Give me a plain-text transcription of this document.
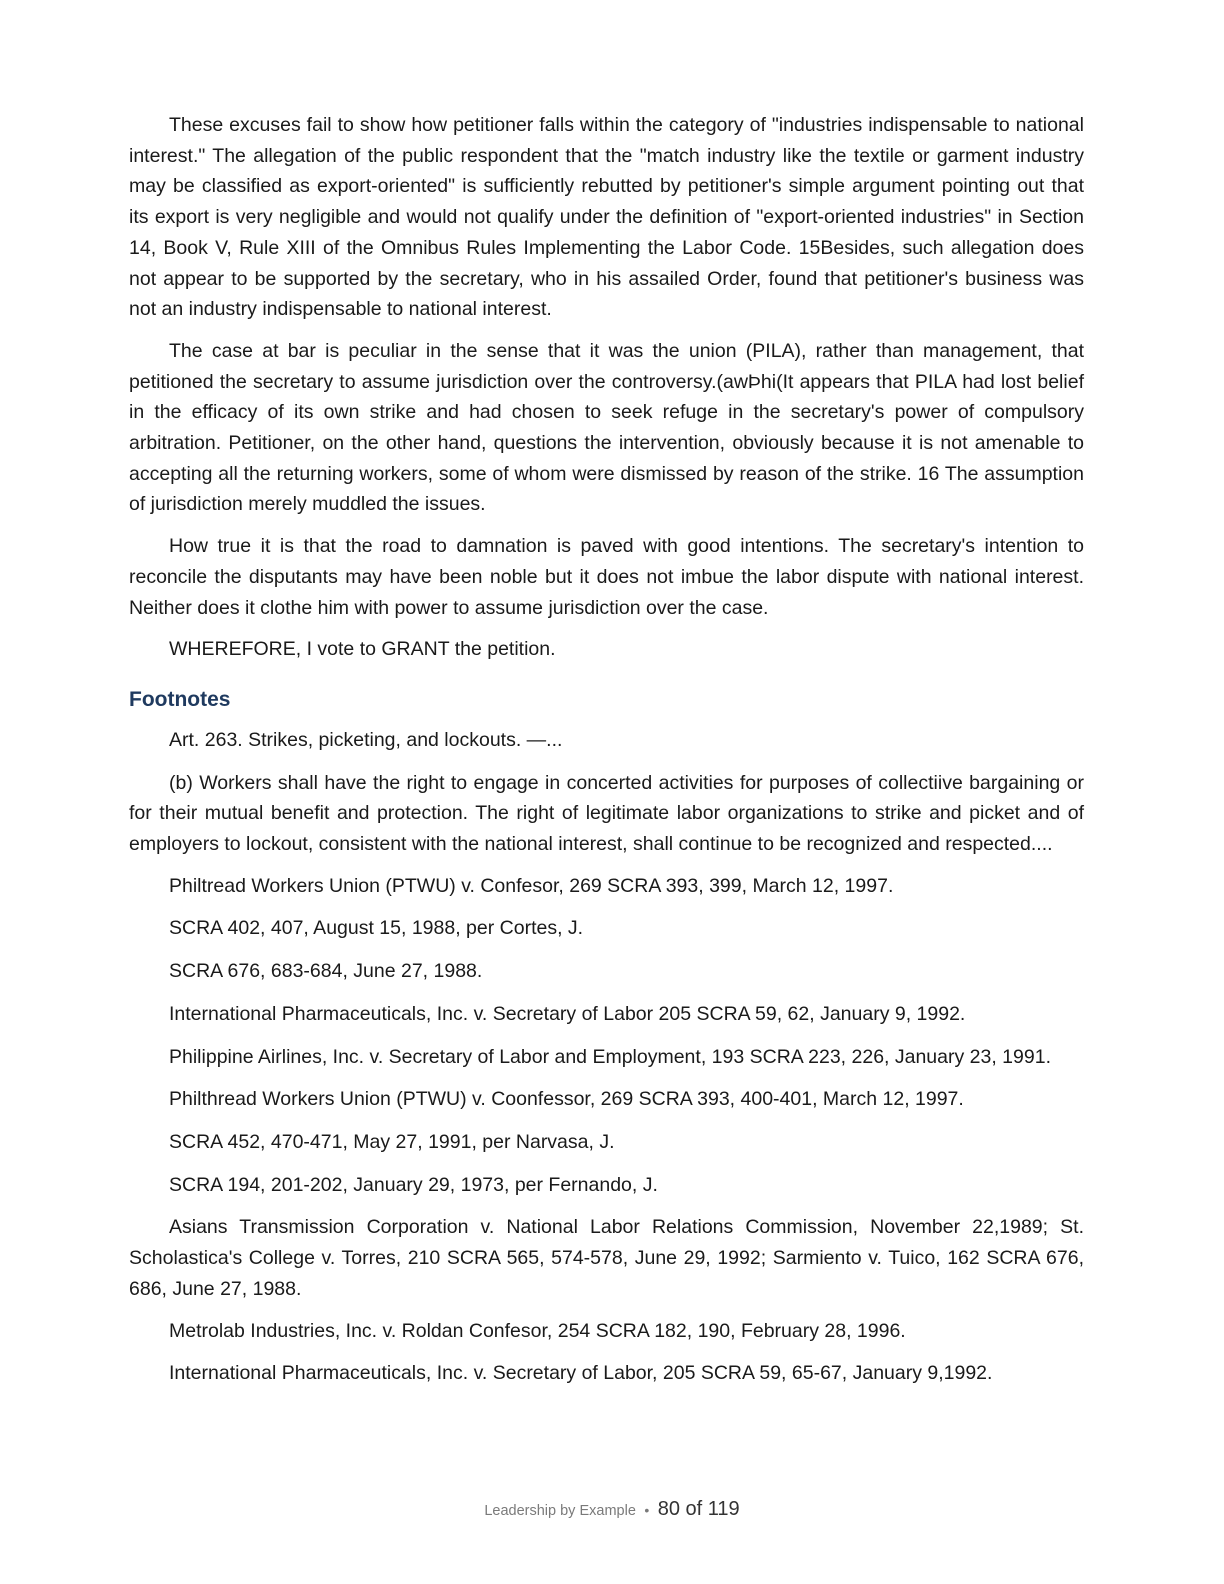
These excuses fail to show how petitioner falls within the category of "industries indispensable to national interest." The allegation of the public respondent that the "match industry like the textile or garment industry may be classified as export-oriented" is sufficiently rebutted by petitioner's simple argument pointing out that its export is very negligible and would not qualify under the definition of "export-oriented industries" in Section 14, Book V, Rule XIII of the Omnibus Rules Implementing the Labor Code. 15Besides, such allegation does not appear to be supported by the secretary, who in his assailed Order, found that petitioner's business was not an industry indispensable to national interest.

The case at bar is peculiar in the sense that it was the union (PILA), rather than management, that petitioned the secretary to assume jurisdiction over the controversy.(awÞhi(It appears that PILA had lost belief in the efficacy of its own strike and had chosen to seek refuge in the secretary's power of compulsory arbitration. Petitioner, on the other hand, questions the intervention, obviously because it is not amenable to accepting all the returning workers, some of whom were dismissed by reason of the strike. 16 The assumption of jurisdiction merely muddled the issues.

How true it is that the road to damnation is paved with good intentions. The secretary's intention to reconcile the disputants may have been noble but it does not imbue the labor dispute with national interest. Neither does it clothe him with power to assume jurisdiction over the case.

WHEREFORE, I vote to GRANT the petition.

Footnotes

Art. 263. Strikes, picketing, and lockouts. —...

(b) Workers shall have the right to engage in concerted activities for purposes of collectiive bargaining or for their mutual benefit and protection. The right of legitimate labor organizations to strike and picket and of employers to lockout, consistent with the national interest, shall continue to be recognized and respected....

Philtread Workers Union (PTWU) v. Confesor, 269 SCRA 393, 399, March 12, 1997.

SCRA 402, 407, August 15, 1988, per Cortes, J.

SCRA 676, 683-684, June 27, 1988.

International Pharmaceuticals, Inc. v. Secretary of Labor 205 SCRA 59, 62, January 9, 1992.

Philippine Airlines, Inc. v. Secretary of Labor and Employment, 193 SCRA 223, 226, January 23, 1991.

Philthread Workers Union (PTWU) v. Coonfessor, 269 SCRA 393, 400-401, March 12, 1997.

SCRA 452, 470-471, May 27, 1991, per Narvasa, J.

SCRA 194, 201-202, January 29, 1973, per Fernando, J.

Asians Transmission Corporation v. National Labor Relations Commission, November 22,1989; St. Scholastica's College v. Torres, 210 SCRA 565, 574-578, June 29, 1992; Sarmiento v. Tuico, 162 SCRA 676, 686, June 27, 1988.

Metrolab Industries, Inc. v. Roldan Confesor, 254 SCRA 182, 190, February 28, 1996.

International Pharmaceuticals, Inc. v. Secretary of Labor, 205 SCRA 59, 65-67, January 9,1992.

Leadership by Example • 80 of 119
